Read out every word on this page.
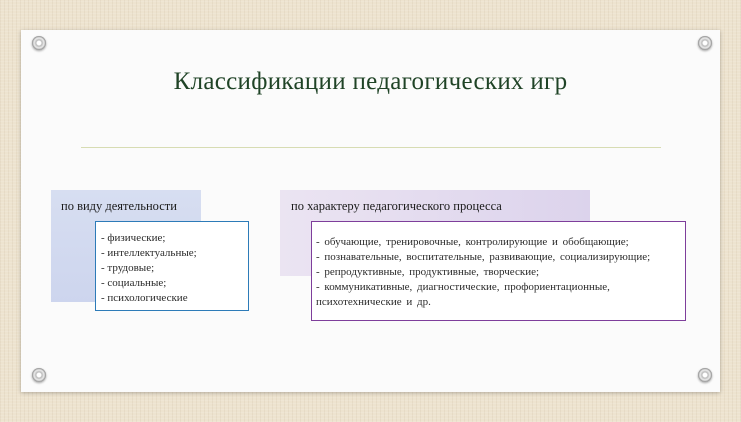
Классификации педагогических игр
по виду деятельности	по характеру педагогического процесса
- физические;
- интеллектуальные;
- трудовые;
- социальные;
- психологические
- обучающие, тренировочные, контролирующие и обобщающие;
- познавательные, воспитательные, развивающие, социализирующие;
- репродуктивные, продуктивные, творческие;
- коммуникативные, диагностические, профориентационные,
психотехнические и др.
